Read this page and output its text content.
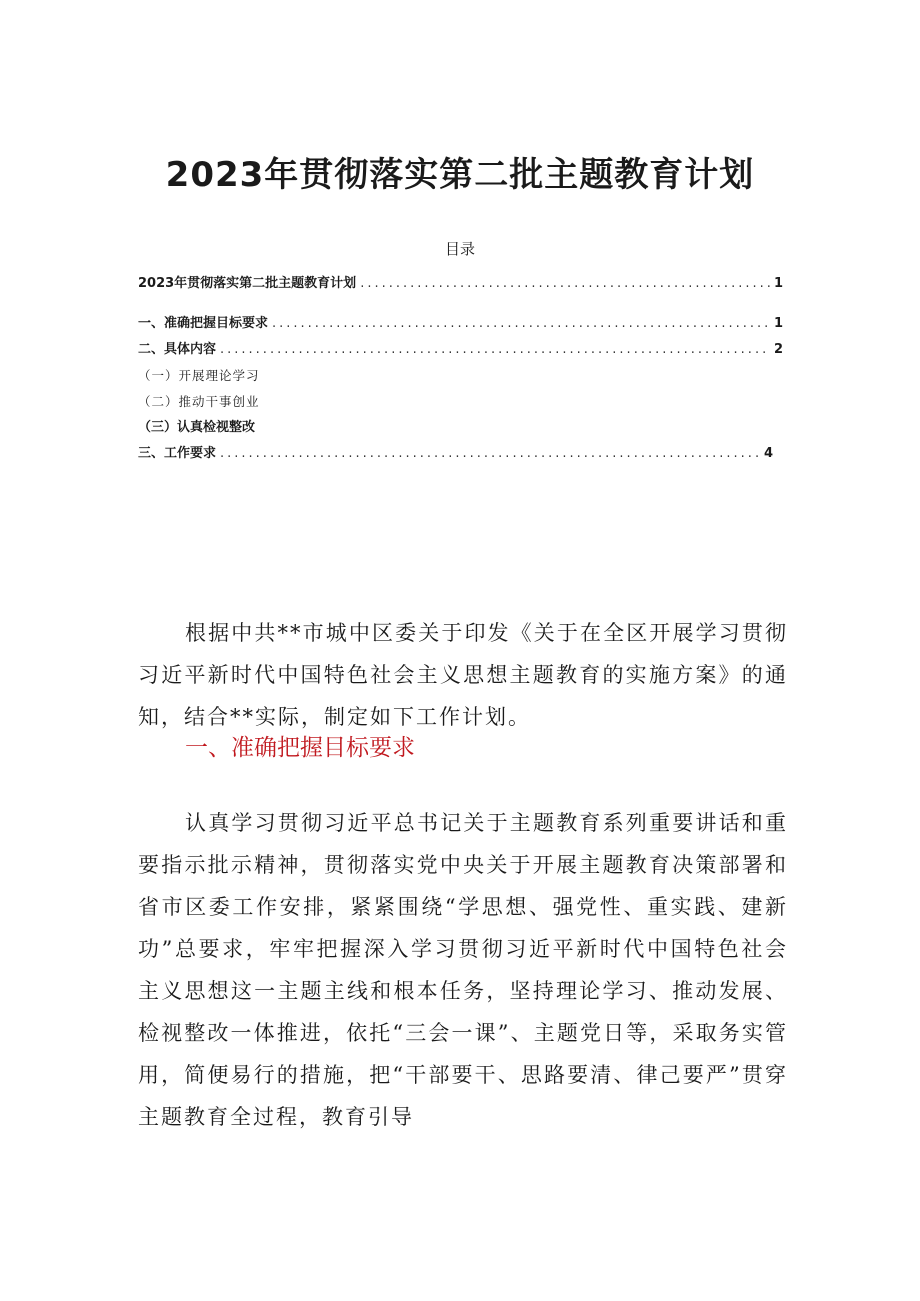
2023年贯彻落实第二批主题教育计划
目录
2023年贯彻落实第二批主题教育计划 .....	1
一、准确把握目标要求 .....	1
二、具体内容 .....	2
（一）开展理论学习
（二）推动干事创业
（三）认真检视整改
三、工作要求 .....	4

根据中共**市城中区委关于印发《关于在全区开展学习贯彻习近平新时代中国特色社会主义思想主题教育的实施方案》的通知，结合**实际，制定如下工作计划。

一、准确把握目标要求

认真学习贯彻习近平总书记关于主题教育系列重要讲话和重要指示批示精神，贯彻落实党中央关于开展主题教育决策部署和省市区委工作安排，紧紧围绕“学思想、强党性、重实践、建新功”总要求，牢牢把握深入学习贯彻习近平新时代中国特色社会主义思想这一主题主线和根本任务，坚持理论学习、推动发展、检视整改一体推进，依托“三会一课”、主题党日等，采取务实管用，简便易行的措施，把“干部要干、思路要清、律己要严”贯穿主题教育全过程，教育引导
